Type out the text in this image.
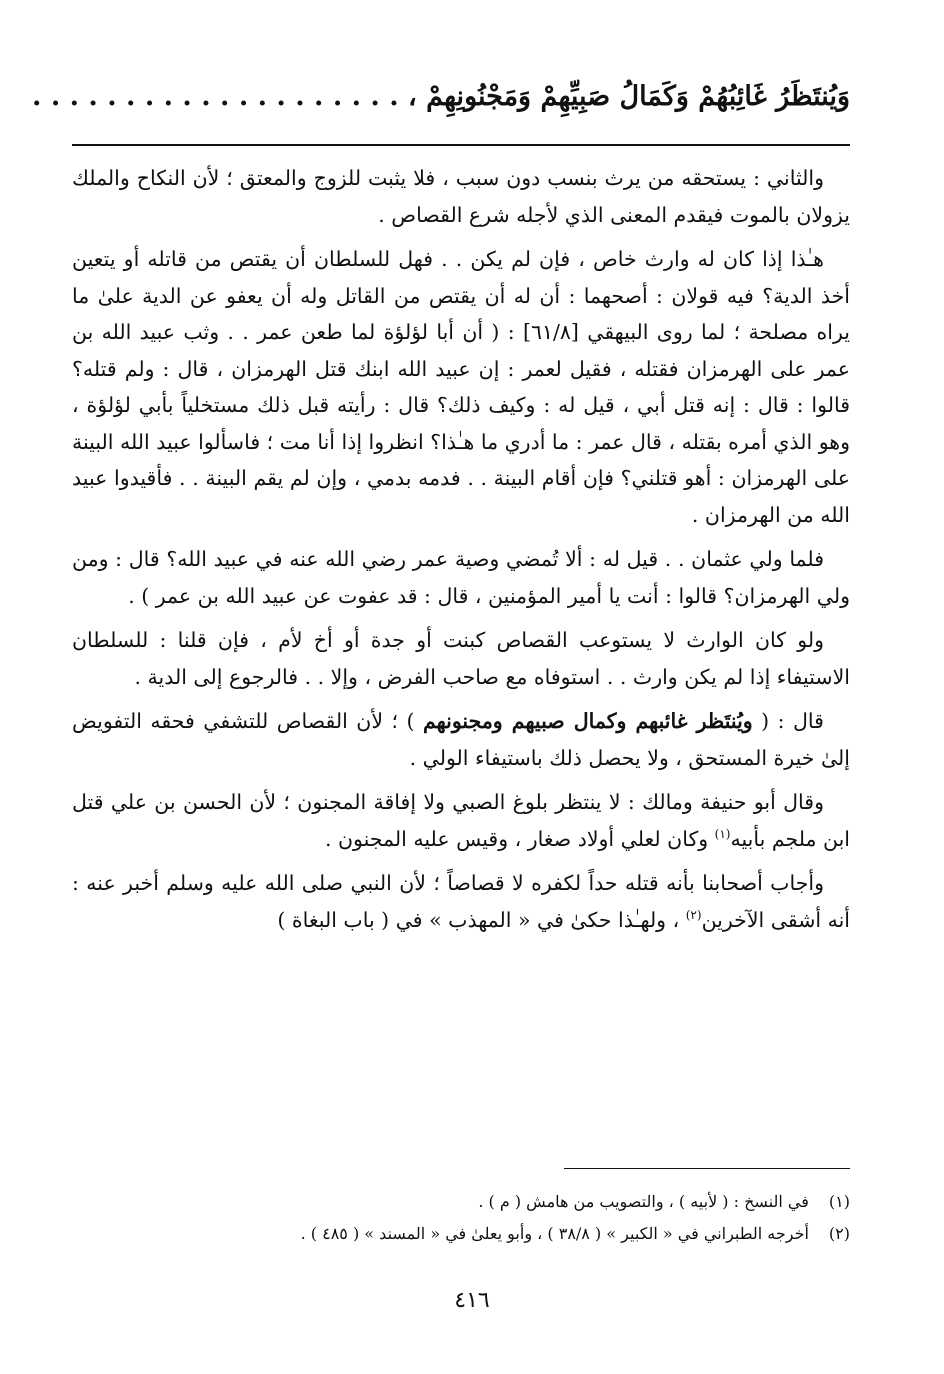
وَيُنتَظَرُ غَائِبُهُمْ وَكَمَالُ صَبِيِّهِمْ وَمَجْنُونِهِمْ ، . . . . . . . . . . . . . . . . . . . .

والثاني : يستحقه من يرث بنسب دون سبب ، فلا يثبت للزوج والمعتق ؛ لأن النكاح والملك يزولان بالموت فيقدم المعنى الذي لأجله شرع القصاص .

هـٰذا إذا كان له وارث خاص ، فإن لم يكن . . فهل للسلطان أن يقتص من قاتله أو يتعين أخذ الدية؟ فيه قولان : أصحهما : أن له أن يقتص من القاتل وله أن يعفو عن الدية علىٰ ما يراه مصلحة ؛ لما روى البيهقي [٦١/٨] : ( أن أبا لؤلؤة لما طعن عمر . . وثب عبيد الله بن عمر على الهرمزان فقتله ، فقيل لعمر : إن عبيد الله ابنك قتل الهرمزان ، قال : ولم قتله؟ قالوا : قال : إنه قتل أبي ، قيل له : وكيف ذلك؟ قال : رأيته قبل ذلك مستخلياً بأبي لؤلؤة ، وهو الذي أمره بقتله ، قال عمر : ما أدري ما هـٰذا؟ انظروا إذا أنا مت ؛ فاسألوا عبيد الله البينة على الهرمزان : أهو قتلني؟ فإن أقام البينة . . فدمه بدمي ، وإن لم يقم البينة . . فأقيدوا عبيد الله من الهرمزان .

فلما ولي عثمان . . قيل له : ألا تُمضي وصية عمر رضي الله عنه في عبيد الله؟ قال : ومن ولي الهرمزان؟ قالوا : أنت يا أمير المؤمنين ، قال : قد عفوت عن عبيد الله بن عمر ) .

ولو كان الوارث لا يستوعب القصاص كبنت أو جدة أو أخ لأم ، فإن قلنا : للسلطان الاستيفاء إذا لم يكن وارث . . استوفاه مع صاحب الفرض ، وإلا . . فالرجوع إلى الدية .

قال : ( ويُنتَظر غائبهم وكمال صبيهم ومجنونهم ) ؛ لأن القصاص للتشفي فحقه التفويض إلىٰ خيرة المستحق ، ولا يحصل ذلك باستيفاء الولي .

وقال أبو حنيفة ومالك : لا ينتظر بلوغ الصبي ولا إفاقة المجنون ؛ لأن الحسن بن علي قتل ابن ملجم بأبيه$^{(١)}$ وكان لعلي أولاد صغار ، وقيس عليه المجنون .

وأجاب أصحابنا بأنه قتله حداً لكفره لا قصاصاً ؛ لأن النبي صلى الله عليه وسلم أخبر عنه : أنه أشقى الآخرين$^{(٢)}$ ، ولهـٰذا حكىٰ في « المهذب » في ( باب البغاة )

(١)
في النسخ : ( لأبيه ) ، والتصويب من هامش ( م ) .
(٢)
أخرجه الطبراني في « الكبير » ( ٣٨/٨ ) ، وأبو يعلىٰ في « المسند » ( ٤٨٥ ) .
٤١٦
